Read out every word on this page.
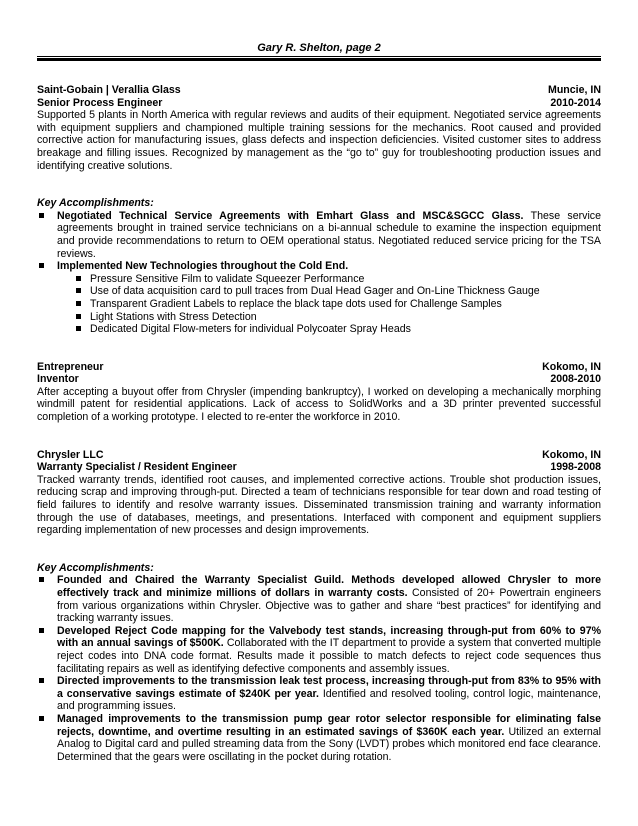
Gary R. Shelton, page 2
Saint-Gobain | Verallia Glass	Muncie, IN
Senior Process Engineer	2010-2014
Supported 5 plants in North America with regular reviews and audits of their equipment. Negotiated service agreements with equipment suppliers and championed multiple training sessions for the mechanics. Root caused and provided corrective action for manufacturing issues, glass defects and inspection deficiencies. Visited customer sites to address breakage and filling issues. Recognized by management as the “go to” guy for troubleshooting production issues and identifying creative solutions.
Key Accomplishments:
Negotiated Technical Service Agreements with Emhart Glass and MSC&SGCC Glass. These service agreements brought in trained service technicians on a bi-annual schedule to examine the inspection equipment and provide recommendations to return to OEM operational status. Negotiated reduced service pricing for the TSA reviews.
Implemented New Technologies throughout the Cold End.
Pressure Sensitive Film to validate Squeezer Performance
Use of data acquisition card to pull traces from Dual Head Gager and On-Line Thickness Gauge
Transparent Gradient Labels to replace the black tape dots used for Challenge Samples
Light Stations with Stress Detection
Dedicated Digital Flow-meters for individual Polycoater Spray Heads
Entrepreneur	Kokomo, IN
Inventor	2008-2010
After accepting a buyout offer from Chrysler (impending bankruptcy), I worked on developing a mechanically morphing windmill patent for residential applications. Lack of access to SolidWorks and a 3D printer prevented successful completion of a working prototype. I elected to re-enter the workforce in 2010.
Chrysler LLC	Kokomo, IN
Warranty Specialist / Resident Engineer	1998-2008
Tracked warranty trends, identified root causes, and implemented corrective actions. Trouble shot production issues, reducing scrap and improving through-put. Directed a team of technicians responsible for tear down and road testing of field failures to identify and resolve warranty issues. Disseminated transmission training and warranty information through the use of databases, meetings, and presentations. Interfaced with component and equipment suppliers regarding implementation of new processes and design improvements.
Key Accomplishments:
Founded and Chaired the Warranty Specialist Guild. Methods developed allowed Chrysler to more effectively track and minimize millions of dollars in warranty costs. Consisted of 20+ Powertrain engineers from various organizations within Chrysler. Objective was to gather and share “best practices” for identifying and tracking warranty issues.
Developed Reject Code mapping for the Valvebody test stands, increasing through-put from 60% to 97% with an annual savings of $500K. Collaborated with the IT department to provide a system that converted multiple reject codes into DNA code format. Results made it possible to match defects to reject code sequences thus facilitating repairs as well as identifying defective components and assembly issues.
Directed improvements to the transmission leak test process, increasing through-put from 83% to 95% with a conservative savings estimate of $240K per year. Identified and resolved tooling, control logic, maintenance, and programming issues.
Managed improvements to the transmission pump gear rotor selector responsible for eliminating false rejects, downtime, and overtime resulting in an estimated savings of $360K each year. Utilized an external Analog to Digital card and pulled streaming data from the Sony (LVDT) probes which monitored end face clearance. Determined that the gears were oscillating in the pocket during rotation.
